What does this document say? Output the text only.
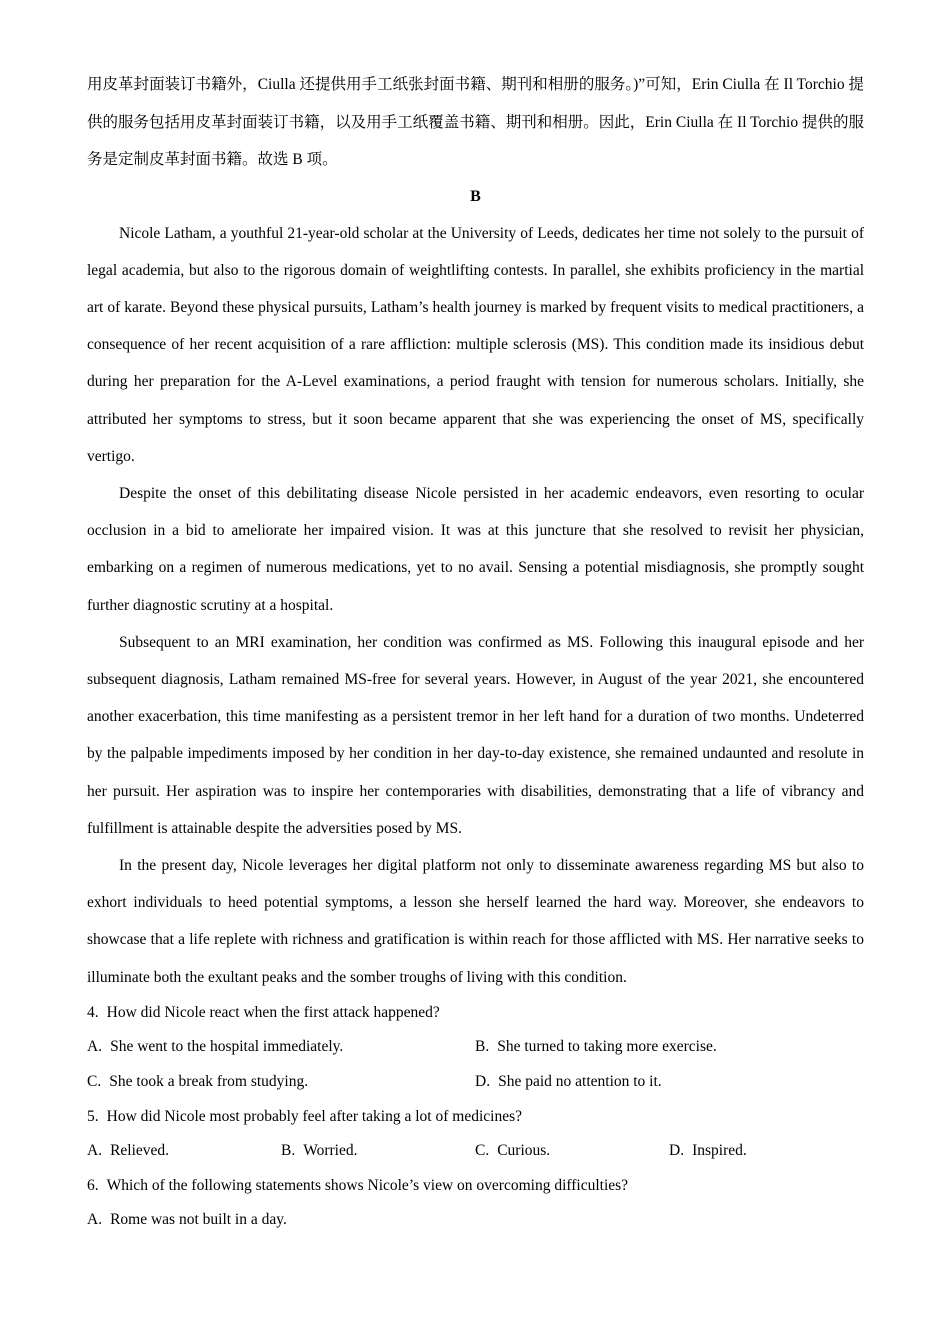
用皮革封面装订书籍外，Ciulla 还提供用手工纸张封面书籍、期刊和相册的服务。)”可知，Erin Ciulla 在 Il Torchio 提供的服务包括用皮革封面装订书籍，以及用手工纸覆盖书籍、期刊和相册。因此，Erin Ciulla 在 Il Torchio 提供的服务是定制皮革封面书籍。故选 B 项。

B

Nicole Latham, a youthful 21-year-old scholar at the University of Leeds, dedicates her time not solely to the pursuit of legal academia, but also to the rigorous domain of weightlifting contests. In parallel, she exhibits proficiency in the martial art of karate. Beyond these physical pursuits, Latham’s health journey is marked by frequent visits to medical practitioners, a consequence of her recent acquisition of a rare affliction: multiple sclerosis (MS). This condition made its insidious debut during her preparation for the A-Level examinations, a period fraught with tension for numerous scholars. Initially, she attributed her symptoms to stress, but it soon became apparent that she was experiencing the onset of MS, specifically vertigo.

Despite the onset of this debilitating disease Nicole persisted in her academic endeavors, even resorting to ocular occlusion in a bid to ameliorate her impaired vision. It was at this juncture that she resolved to revisit her physician, embarking on a regimen of numerous medications, yet to no avail. Sensing a potential misdiagnosis, she promptly sought further diagnostic scrutiny at a hospital.

Subsequent to an MRI examination, her condition was confirmed as MS. Following this inaugural episode and her subsequent diagnosis, Latham remained MS-free for several years. However, in August of the year 2021, she encountered another exacerbation, this time manifesting as a persistent tremor in her left hand for a duration of two months. Undeterred by the palpable impediments imposed by her condition in her day-to-day existence, she remained undaunted and resolute in her pursuit. Her aspiration was to inspire her contemporaries with disabilities, demonstrating that a life of vibrancy and fulfillment is attainable despite the adversities posed by MS.

In the present day, Nicole leverages her digital platform not only to disseminate awareness regarding MS but also to exhort individuals to heed potential symptoms, a lesson she herself learned the hard way. Moreover, she endeavors to showcase that a life replete with richness and gratification is within reach for those afflicted with MS. Her narrative seeks to illuminate both the exultant peaks and the somber troughs of living with this condition.

4. How did Nicole react when the first attack happened?

A. She went to the hospital immediately.	B. She turned to taking more exercise.
C. She took a break from studying.	D. She paid no attention to it.

5. How did Nicole most probably feel after taking a lot of medicines?

A. Relieved.	B. Worried.	C. Curious.	D. Inspired.

6. Which of the following statements shows Nicole’s view on overcoming difficulties?

A. Rome was not built in a day.
